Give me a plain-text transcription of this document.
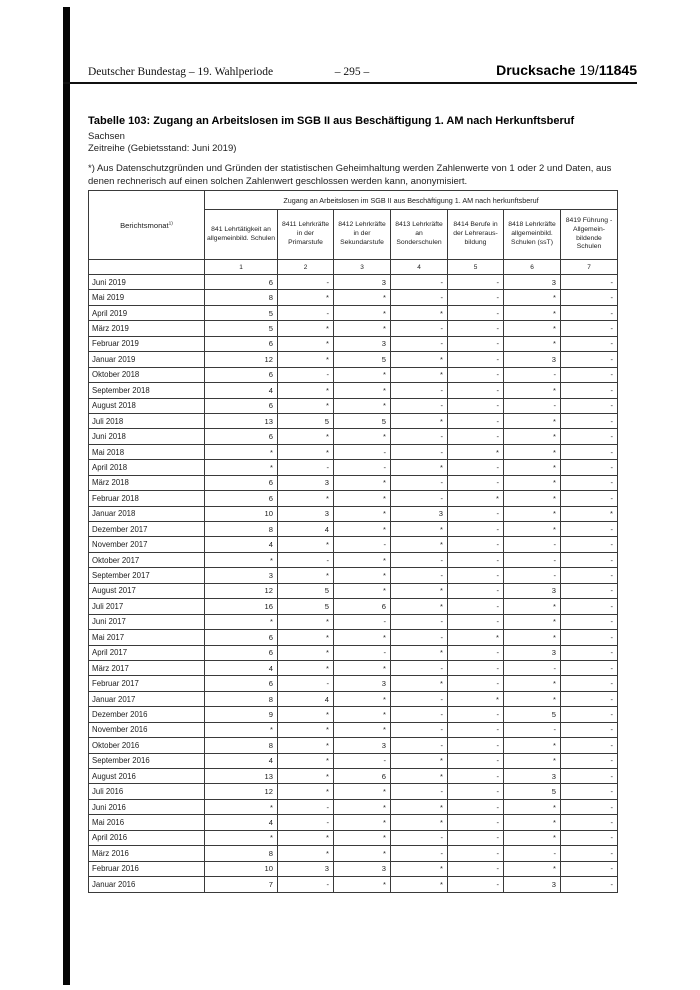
Deutscher Bundestag – 19. Wahlperiode	– 295 –	Drucksache 19/11845
Tabelle 103: Zugang an Arbeitslosen im SGB II aus Beschäftigung 1. AM nach Herkunftsberuf
Sachsen
Zeitreihe (Gebietsstand: Juni 2019)
*) Aus Datenschutzgründen und Gründen der statistischen Geheimhaltung werden Zahlenwerte von 1 oder 2 und Daten, aus denen rechnerisch auf einen solchen Zahlenwert geschlossen werden kann, anonymisiert.
Berichtsmonat$^{1)}$	Zugang an Arbeitslosen im SGB II aus Beschäftigung 1. AM nach herkunftsberuf						
	841 Lehrtätigkeit an allgemeinbild. Schulen	8411 Lehrkräfte in der Primarstufe	8412 Lehrkräfte in der Sekundarstufe	8413 Lehrkräfte an Sonderschulen	8414 Berufe in der Lehreraus- bildung	8418 Lehrkräfte allgemeinbild. Schulen (ssT)	8419 Führung - Allgemein- bildende Schulen
	1	2	3	4	5	6	7
Juni 2019	6	-	3	-	-	3	-
Mai 2019	8	*	*	-	-	*	-
April 2019	5	-	*	*	-	*	-
März 2019	5	*	*	-	-	*	-
Februar 2019	6	*	3	-	-	*	-
Januar 2019	12	*	5	*	-	3	-
Oktober 2018	6	-	*	*	-	-	-
September 2018	4	*	*	-	-	*	-
August 2018	6	*	*	-	-	-	-
Juli 2018	13	5	5	*	-	*	-
Juni 2018	6	*	*	-	-	*	-
Mai 2018	*	*	-	-	*	*	-
April 2018	*	-	-	*	-	*	-
März 2018	6	3	*	-	-	*	-
Februar 2018	6	*	*	-	*	*	-
Januar 2018	10	3	*	3	-	*	*
Dezember 2017	8	4	*	*	-	*	-
November 2017	4	*	-	*	-	-	-
Oktober 2017	*	-	*	-	-	-	-
September 2017	3	*	*	-	-	-	-
August 2017	12	5	*	*	-	3	-
Juli 2017	16	5	6	*	-	*	-
Juni 2017	*	*	-	-	-	*	-
Mai 2017	6	*	*	-	*	*	-
April 2017	6	*	-	*	-	3	-
März 2017	4	*	*	-	-	-	-
Februar 2017	6	-	3	*	-	*	-
Januar 2017	8	4	*	-	*	*	-
Dezember 2016	9	*	*	-	-	5	-
November 2016	*	*	*	-	-	-	-
Oktober 2016	8	*	3	-	-	*	-
September 2016	4	*	-	*	-	*	-
August 2016	13	*	6	*	-	3	-
Juli 2016	12	*	*	-	-	5	-
Juni 2016	*	-	*	*	-	*	-
Mai 2016	4	-	*	*	-	*	-
April 2016	*	*	*	-	-	*	-
März 2016	8	*	*	-	-	-	-
Februar 2016	10	3	3	*	-	*	-
Januar 2016	7	-	*	*	-	3	-
